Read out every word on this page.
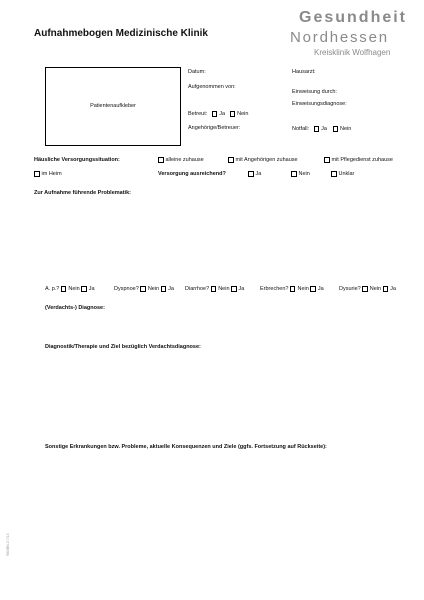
Aufnahmebogen Medizinische Klinik
Gesundheit
Nordhessen
Kreisklinik Wolfhagen
Patientenaufkleber
Datum:
Aufgenommen von:
Betreut: Ja Nein
Angehörige/Betreuer:
Hausarzt:
Einweisung durch:
Einweisungsdiagnose:
Notfall: Ja Nein
Häusliche Versorgungssituation:	alleine zuhause	mit Angehörigen zuhause	mit Pflegedienst zuhause
im Heim	Versorgung ausreichend?	Ja	Nein	Unklar
Zur Aufnahme führende Problematik:
A. p.? Nein Ja	Dyspnoe? Nein Ja Diarrhoe? Nein Ja	Erbrechen? Nein Ja	Dysurie? Nein Ja
(Verdachts-) Diagnose:
Diagnostik/Therapie und Ziel bezüglich Verdachtsdiagnose:
Sonstige Erkrankungen bzw. Probleme, aktuelle Konsequenzen und Ziele (ggfs. Fortsetzung auf Rückseite):
983/BN-3 7/14
